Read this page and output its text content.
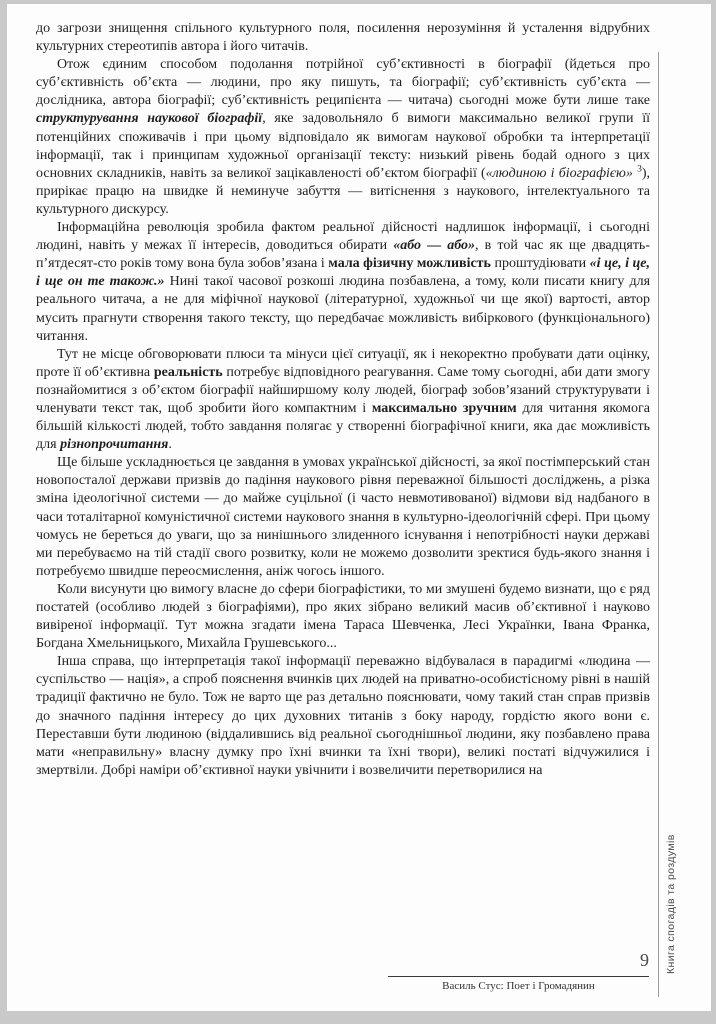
до загрози знищення спільного культурного поля, посилення нерозуміння й усталення відрубних культурних стереотипів автора і його читачів.

Отож єдиним способом подолання потрійної суб’єктивності в біографії (йдеться про суб’єктивність об’єкта — людини, про яку пишуть, та біографії; суб’єктивність суб’єкта — дослідника, автора біографії; суб’єктивність реципієнта — читача) сьогодні може бути лише таке структурування наукової біографії, яке задовольняло б вимоги максимально великої групи її потенційних споживачів і при цьому відповідало як вимогам наукової обробки та інтерпретації інформації, так і принципам художньої організації тексту: низький рівень бодай одного з цих основних складників, навіть за великої зацікавленості об’єктом біографії («людиною і біографією» $^3$), прирікає працю на швидке й неминуче забуття — витіснення з наукового, інтелектуального та культурного дискурсу.

Інформаційна революція зробила фактом реальної дійсності надлишок інформації, і сьогодні людині, навіть у межах її інтересів, доводиться обирати «або — або», в той час як ще двадцять-п’ятдесят-сто років тому вона була зобов’язана і мала фізичну можливість проштудіювати «і це, і це, і ще он те також.» Нині такої часової розкоші людина позбавлена, а тому, коли писати книгу для реального читача, а не для міфічної наукової (літературної, художньої чи ще якої) вартості, автор мусить прагнути створення такого тексту, що передбачає можливість вибіркового (функціонального) читання.

Тут не місце обговорювати плюси та мінуси цієї ситуації, як і некоректно пробувати дати оцінку, проте її об’єктивна реальність потребує відповідного реагування. Саме тому сьогодні, аби дати змогу познайомитися з об’єктом біографії найширшому колу людей, біограф зобов’язаний структурувати і членувати текст так, щоб зробити його компактним і максимально зручним для читання якомога більшій кількості людей, тобто завдання полягає у створенні біографічної книги, яка дає можливість для різнопрочитання.

Ще більше ускладнюється це завдання в умовах української дійсності, за якої постімперський стан новопосталої держави призвів до падіння наукового рівня переважної більшості досліджень, а різка зміна ідеологічної системи — до майже суцільної (і часто невмотивованої) відмови від надбаного в часи тоталітарної комуністичної системи наукового знання в культурно-ідеологічній сфері. При цьому чомусь не береться до уваги, що за нинішнього злиденного існування і непотрібності науки державі ми перебуваємо на тій стадії свого розвитку, коли не можемо дозволити зректися будь-якого знання і потребуємо швидше переосмислення, аніж чогось іншого.

Коли висунути цю вимогу власне до сфери біографістики, то ми змушені будемо визнати, що є ряд постатей (особливо людей з біографіями), про яких зібрано великий масив об’єктивної і науково вивіреної інформації. Тут можна згадати імена Тараса Шевченка, Лесі Українки, Івана Франка, Богдана Хмельницького, Михайла Грушевського...

Інша справа, що інтерпретація такої інформації переважно відбувалася в парадигмі «людина — суспільство — нація», а спроб пояснення вчинків цих людей на приватно-особистісному рівні в нашій традиції фактично не було. Тож не варто ще раз детально пояснювати, чому такий стан справ призвів до значного падіння інтересу до цих духовних титанів з боку народу, гордістю якого вони є. Переставши бути людиною (віддалившись від реальної сьогоднішньої людини, яку позбавлено права мати «неправильну» власну думку про їхні вчинки та їхні твори), великі постаті відчужилися і змертвіли. Добрі наміри об’єктивної науки увічнити і возвеличити перетворилися на

Книга спогадів та роздумів
9
Василь Стус: Поет і Громадянин
